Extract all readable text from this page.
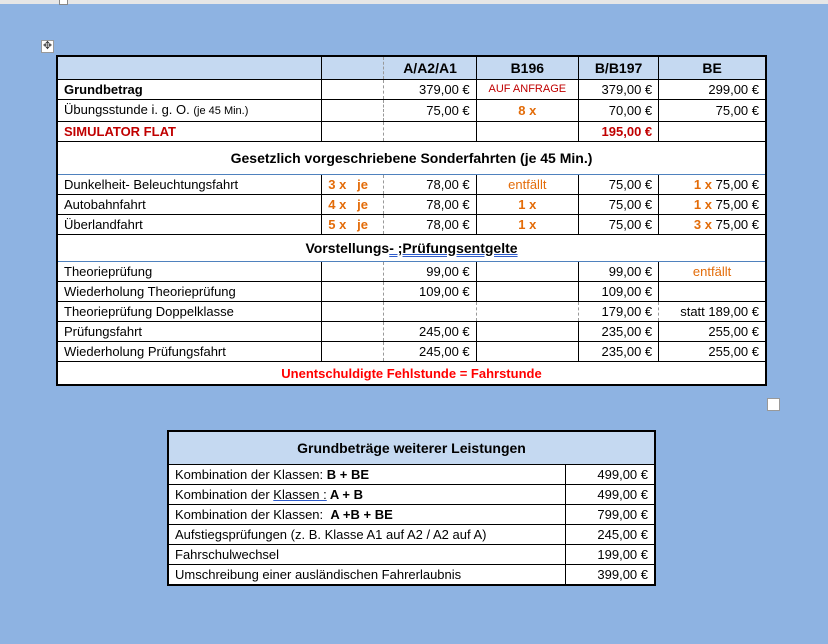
✥
		A/A2/A1	B196	B/B197	BE
Grundbetrag		379,00 €	AUF ANFRAGE	379,00 €	299,00 €
Übungsstunde i. g. O. (je 45 Min.)		75,00 €	8 x	70,00 €	75,00 €
SIMULATOR FLAT				195,00 €	
Gesetzlich vorgeschriebene Sonderfahrten (je 45 Min.)					
Dunkelheit- Beleuchtungsfahrt	3 x   je	78,00 €	entfällt	75,00 €	1 x 75,00 €
Autobahnfahrt	4 x   je	78,00 €	1 x	75,00 €	1 x 75,00 €
Überlandfahrt	5 x   je	78,00 €	1 x	75,00 €	3 x 75,00 €
Vorstellungs- ;Prüfungsentgelte					
Theorieprüfung		99,00 €		99,00 €	entfällt
Wiederholung Theorieprüfung		109,00 €		109,00 €	
Theorieprüfung Doppelklasse				179,00 €	statt 189,00 €
Prüfungsfahrt		245,00 €		235,00 €	255,00 €
Wiederholung Prüfungsfahrt		245,00 €		235,00 €	255,00 €
Unentschuldigte Fehlstunde = Fahrstunde					
Grundbeträge weiterer Leistungen	
Kombination der Klassen: B + BE	499,00 €
Kombination der Klassen : A + B	499,00 €
Kombination der Klassen:  A +B + BE	799,00 €
Aufstiegsprüfungen (z. B. Klasse A1 auf A2 / A2 auf A)	245,00 €
Fahrschulwechsel	199,00 €
Umschreibung einer ausländischen Fahrerlaubnis	399,00 €
